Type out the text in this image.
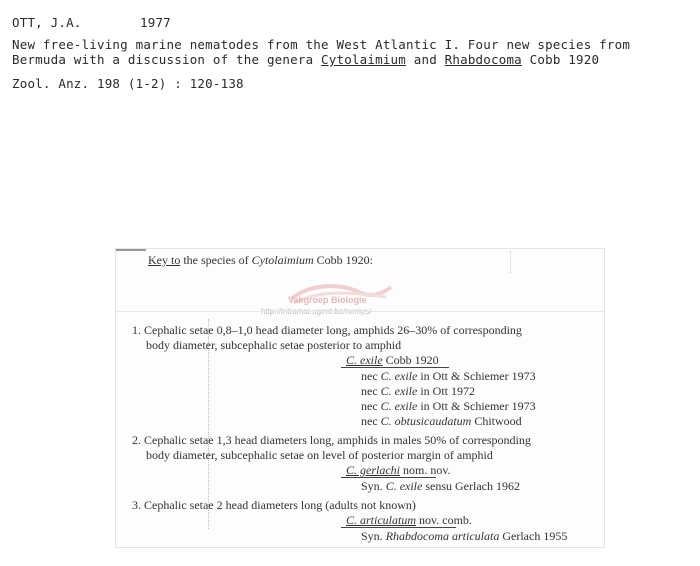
OTT, J.A.	1977
New free-living marine nematodes from the West Atlantic I. Four new species from
Bermuda with a discussion of the genera Cytolaimium and Rhabdocoma Cobb 1920
Zool. Anz. 198 (1-2) : 120-138
Key to the species of Cytolaimium Cobb 1920:
Vakgroep Biologie
http://intramar.ugent.be/nemys/
1. Cephalic setae 0,8–1,0 head diameter long, amphids 26–30% of corresponding
body diameter, subcephalic setae posterior to amphid
C. exile Cobb 1920
nec C. exile in Ott & Schiemer 1973
nec C. exile in Ott 1972
nec C. exile in Ott & Schiemer 1973
nec C. obtusicaudatum Chitwood
2. Cephalic setae 1,3 head diameters long, amphids in males 50% of corresponding
body diameter, subcephalic setae on level of posterior margin of amphid
C. gerlachi nom. nov.
Syn. C. exile sensu Gerlach 1962
3. Cephalic setae 2 head diameters long (adults not known)
C. articulatum nov. comb.
Syn. Rhabdocoma articulata Gerlach 1955
